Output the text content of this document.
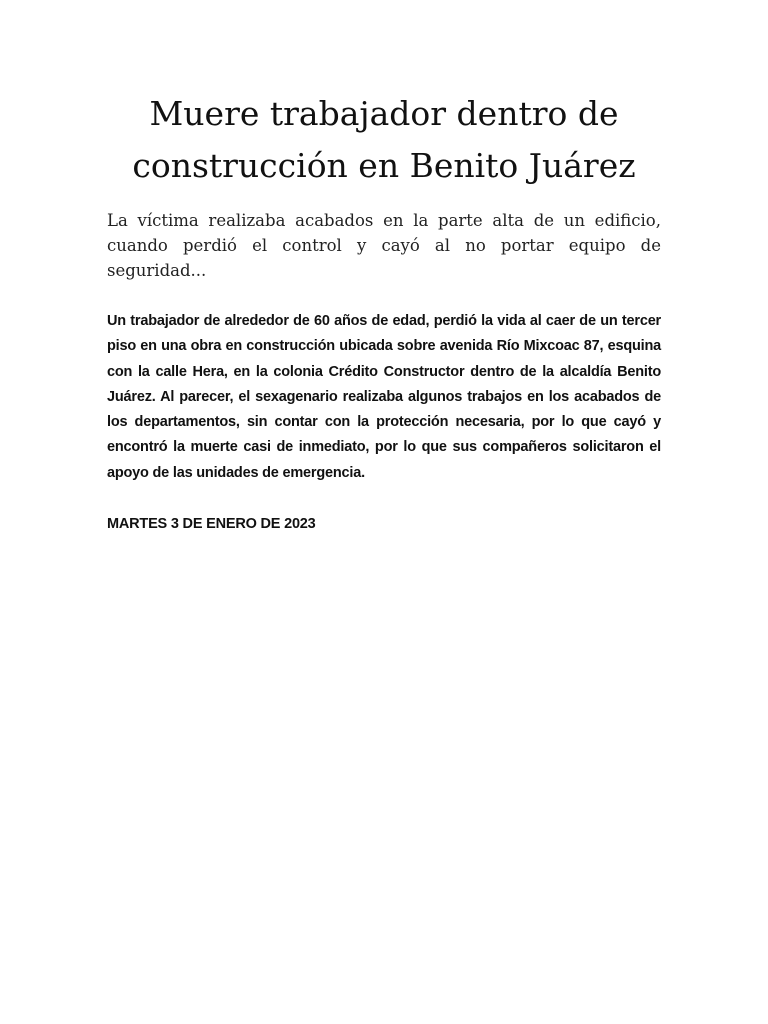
Muere trabajador dentro de construcción en Benito Juárez

La víctima realizaba acabados en la parte alta de un edificio, cuando perdió el control y cayó al no portar equipo de seguridad...

Un trabajador de alrededor de 60 años de edad, perdió la vida al caer de un tercer piso en una obra en construcción ubicada sobre avenida Río Mixcoac 87, esquina con la calle Hera, en la colonia Crédito Constructor dentro de la alcaldía Benito Juárez. Al parecer, el sexagenario realizaba algunos trabajos en los acabados de los departamentos, sin contar con la protección necesaria, por lo que cayó y encontró la muerte casi de inmediato, por lo que sus compañeros solicitaron el apoyo de las unidades de emergencia.

MARTES 3 DE ENERO DE 2023
